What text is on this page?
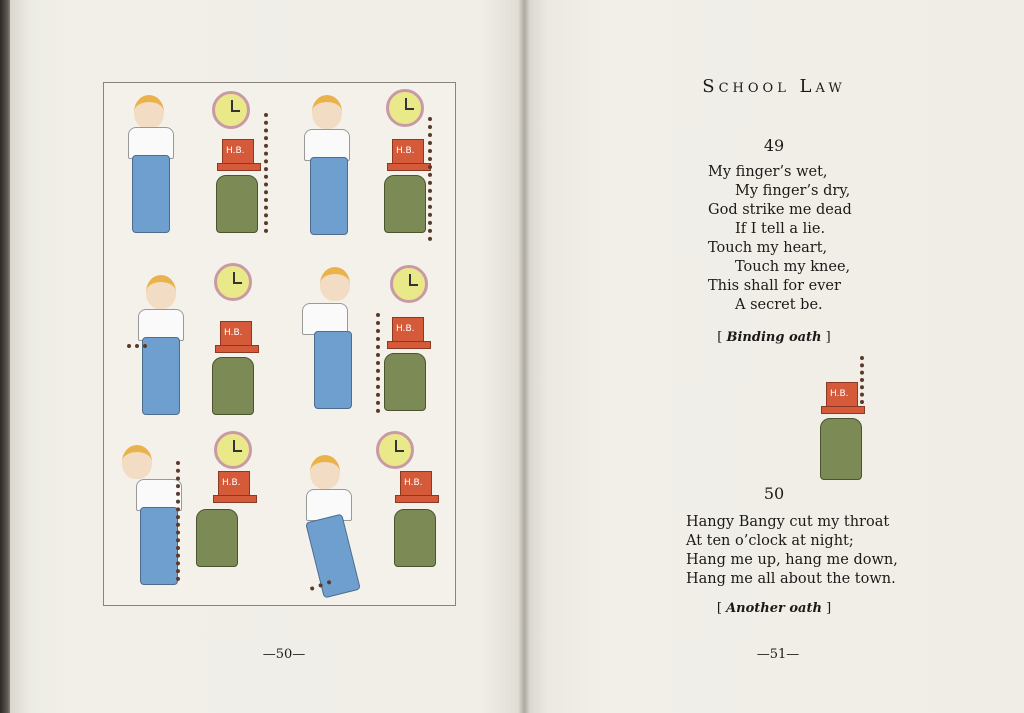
H.B.	H.B.
H.B.	H.B.
H.B.	H.B.
—50—
School Law
49
My finger’s wet,
My finger’s dry,
God strike me dead
If I tell a lie.
Touch my heart,
Touch my knee,
This shall for ever
A secret be.
[ Binding oath ]
H.B.
50
Hangy Bangy cut my throat
At ten o’clock at night;
Hang me up, hang me down,
Hang me all about the town.
[ Another oath ]
—51—
